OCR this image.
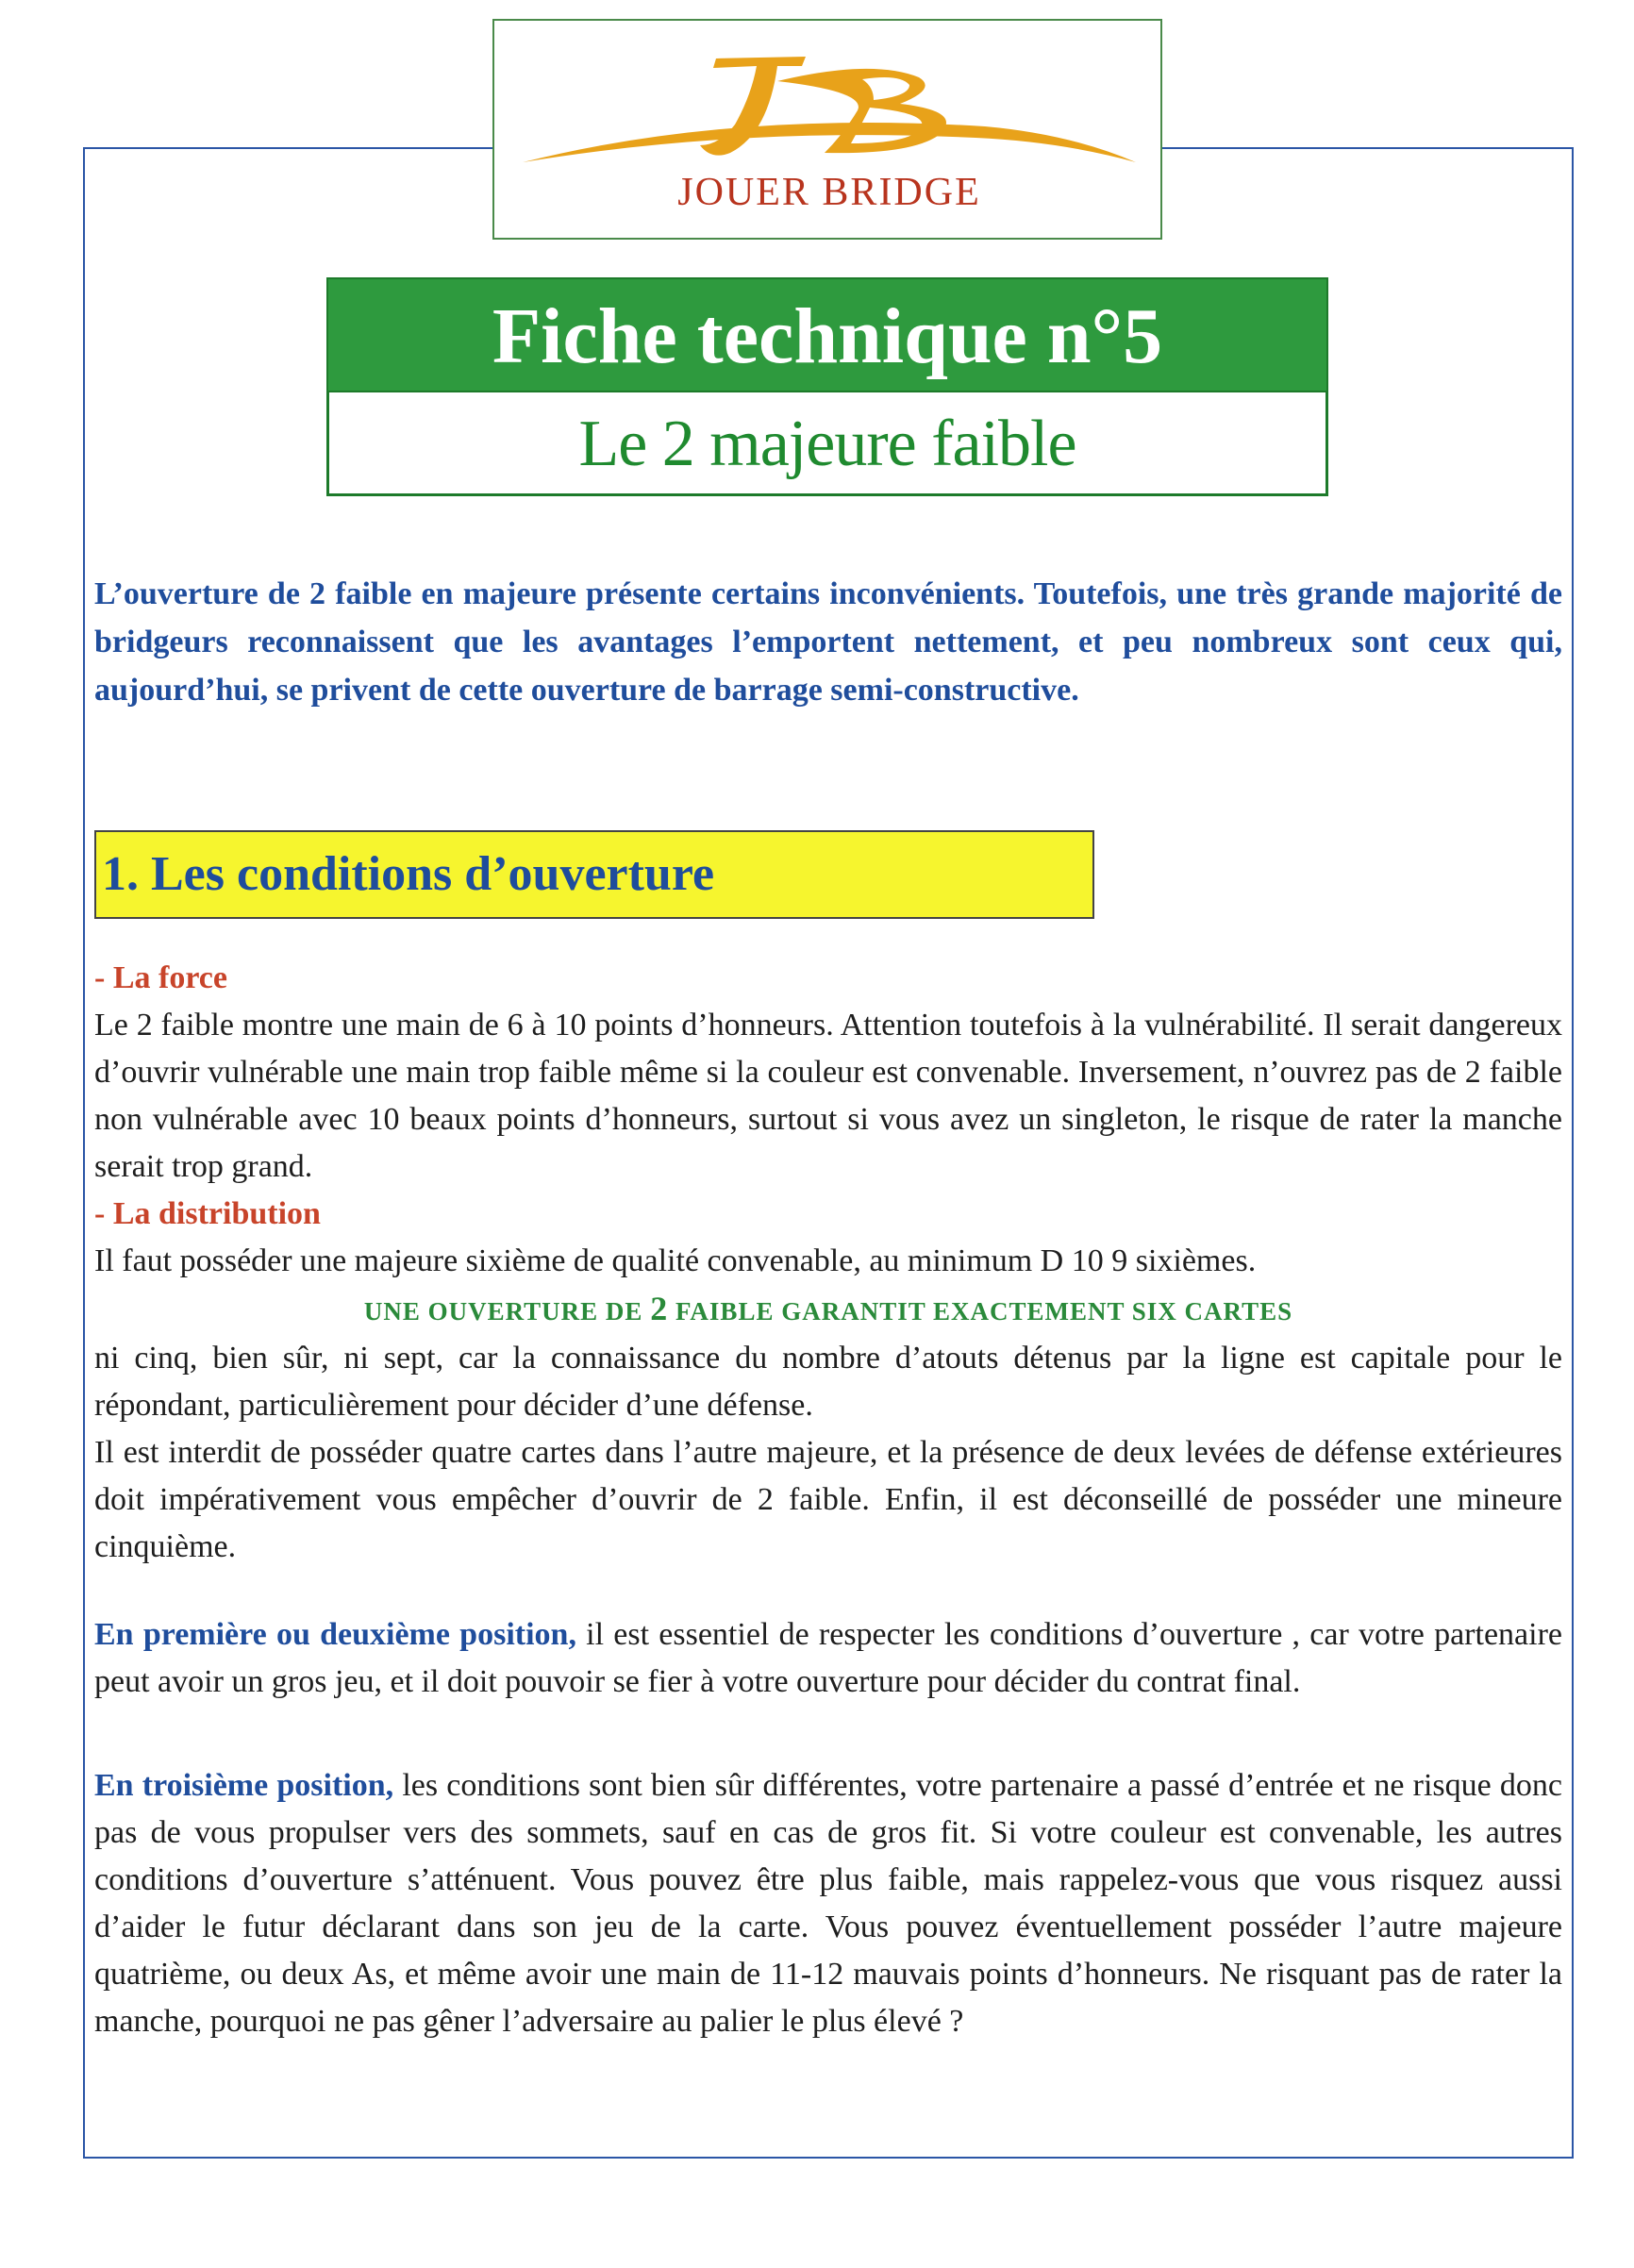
JOUER BRIDGE
Fiche technique n°5
Le 2 majeure faible
L’ouverture de 2 faible en majeure présente certains inconvénients. Toutefois, une très grande majorité de bridgeurs reconnaissent que les avantages l’emportent nettement, et peu nombreux sont ceux qui, aujourd’hui, se privent de cette ouverture de barrage semi-constructive.
1. Les conditions d’ouverture

- La force

Le 2 faible montre une main de 6 à 10 points d’honneurs. Attention toutefois à la vulnérabilité. Il serait dangereux d’ouvrir vulnérable une main trop faible même si la couleur est convenable. Inversement, n’ouvrez pas de 2 faible non vulnérable avec 10 beaux points d’honneurs, surtout si vous avez un singleton, le risque de rater la manche serait trop grand.

- La distribution

Il faut posséder une majeure sixième de qualité convenable, au minimum D 10 9 sixièmes.

UNE OUVERTURE DE 2 FAIBLE GARANTIT EXACTEMENT SIX CARTES

ni cinq, bien sûr, ni sept, car la connaissance du nombre d’atouts détenus par la ligne est capitale pour le répondant, particulièrement pour décider d’une défense.

Il est interdit de posséder quatre cartes dans l’autre majeure, et la présence de deux levées de défense extérieures doit impérativement vous empêcher d’ouvrir de 2 faible. Enfin, il est déconseillé de posséder une mineure cinquième.

En première ou deuxième position, il est essentiel de respecter les conditions d’ouverture , car votre partenaire peut avoir un gros jeu, et il doit pouvoir se fier à votre ouverture pour décider du contrat final.

En troisième position, les conditions sont bien sûr différentes, votre partenaire a passé d’entrée et ne risque donc pas de vous propulser vers des sommets, sauf en cas de gros fit. Si votre couleur est convenable, les autres conditions d’ouverture s’atténuent. Vous pouvez être plus faible, mais rappelez-vous que vous risquez aussi d’aider le futur déclarant dans son jeu de la carte. Vous pouvez éventuellement posséder l’autre majeure quatrième, ou deux As, et même avoir une main de 11-12 mauvais points d’honneurs. Ne risquant pas de rater la manche, pourquoi ne pas gêner l’adversaire au palier le plus élevé ?
